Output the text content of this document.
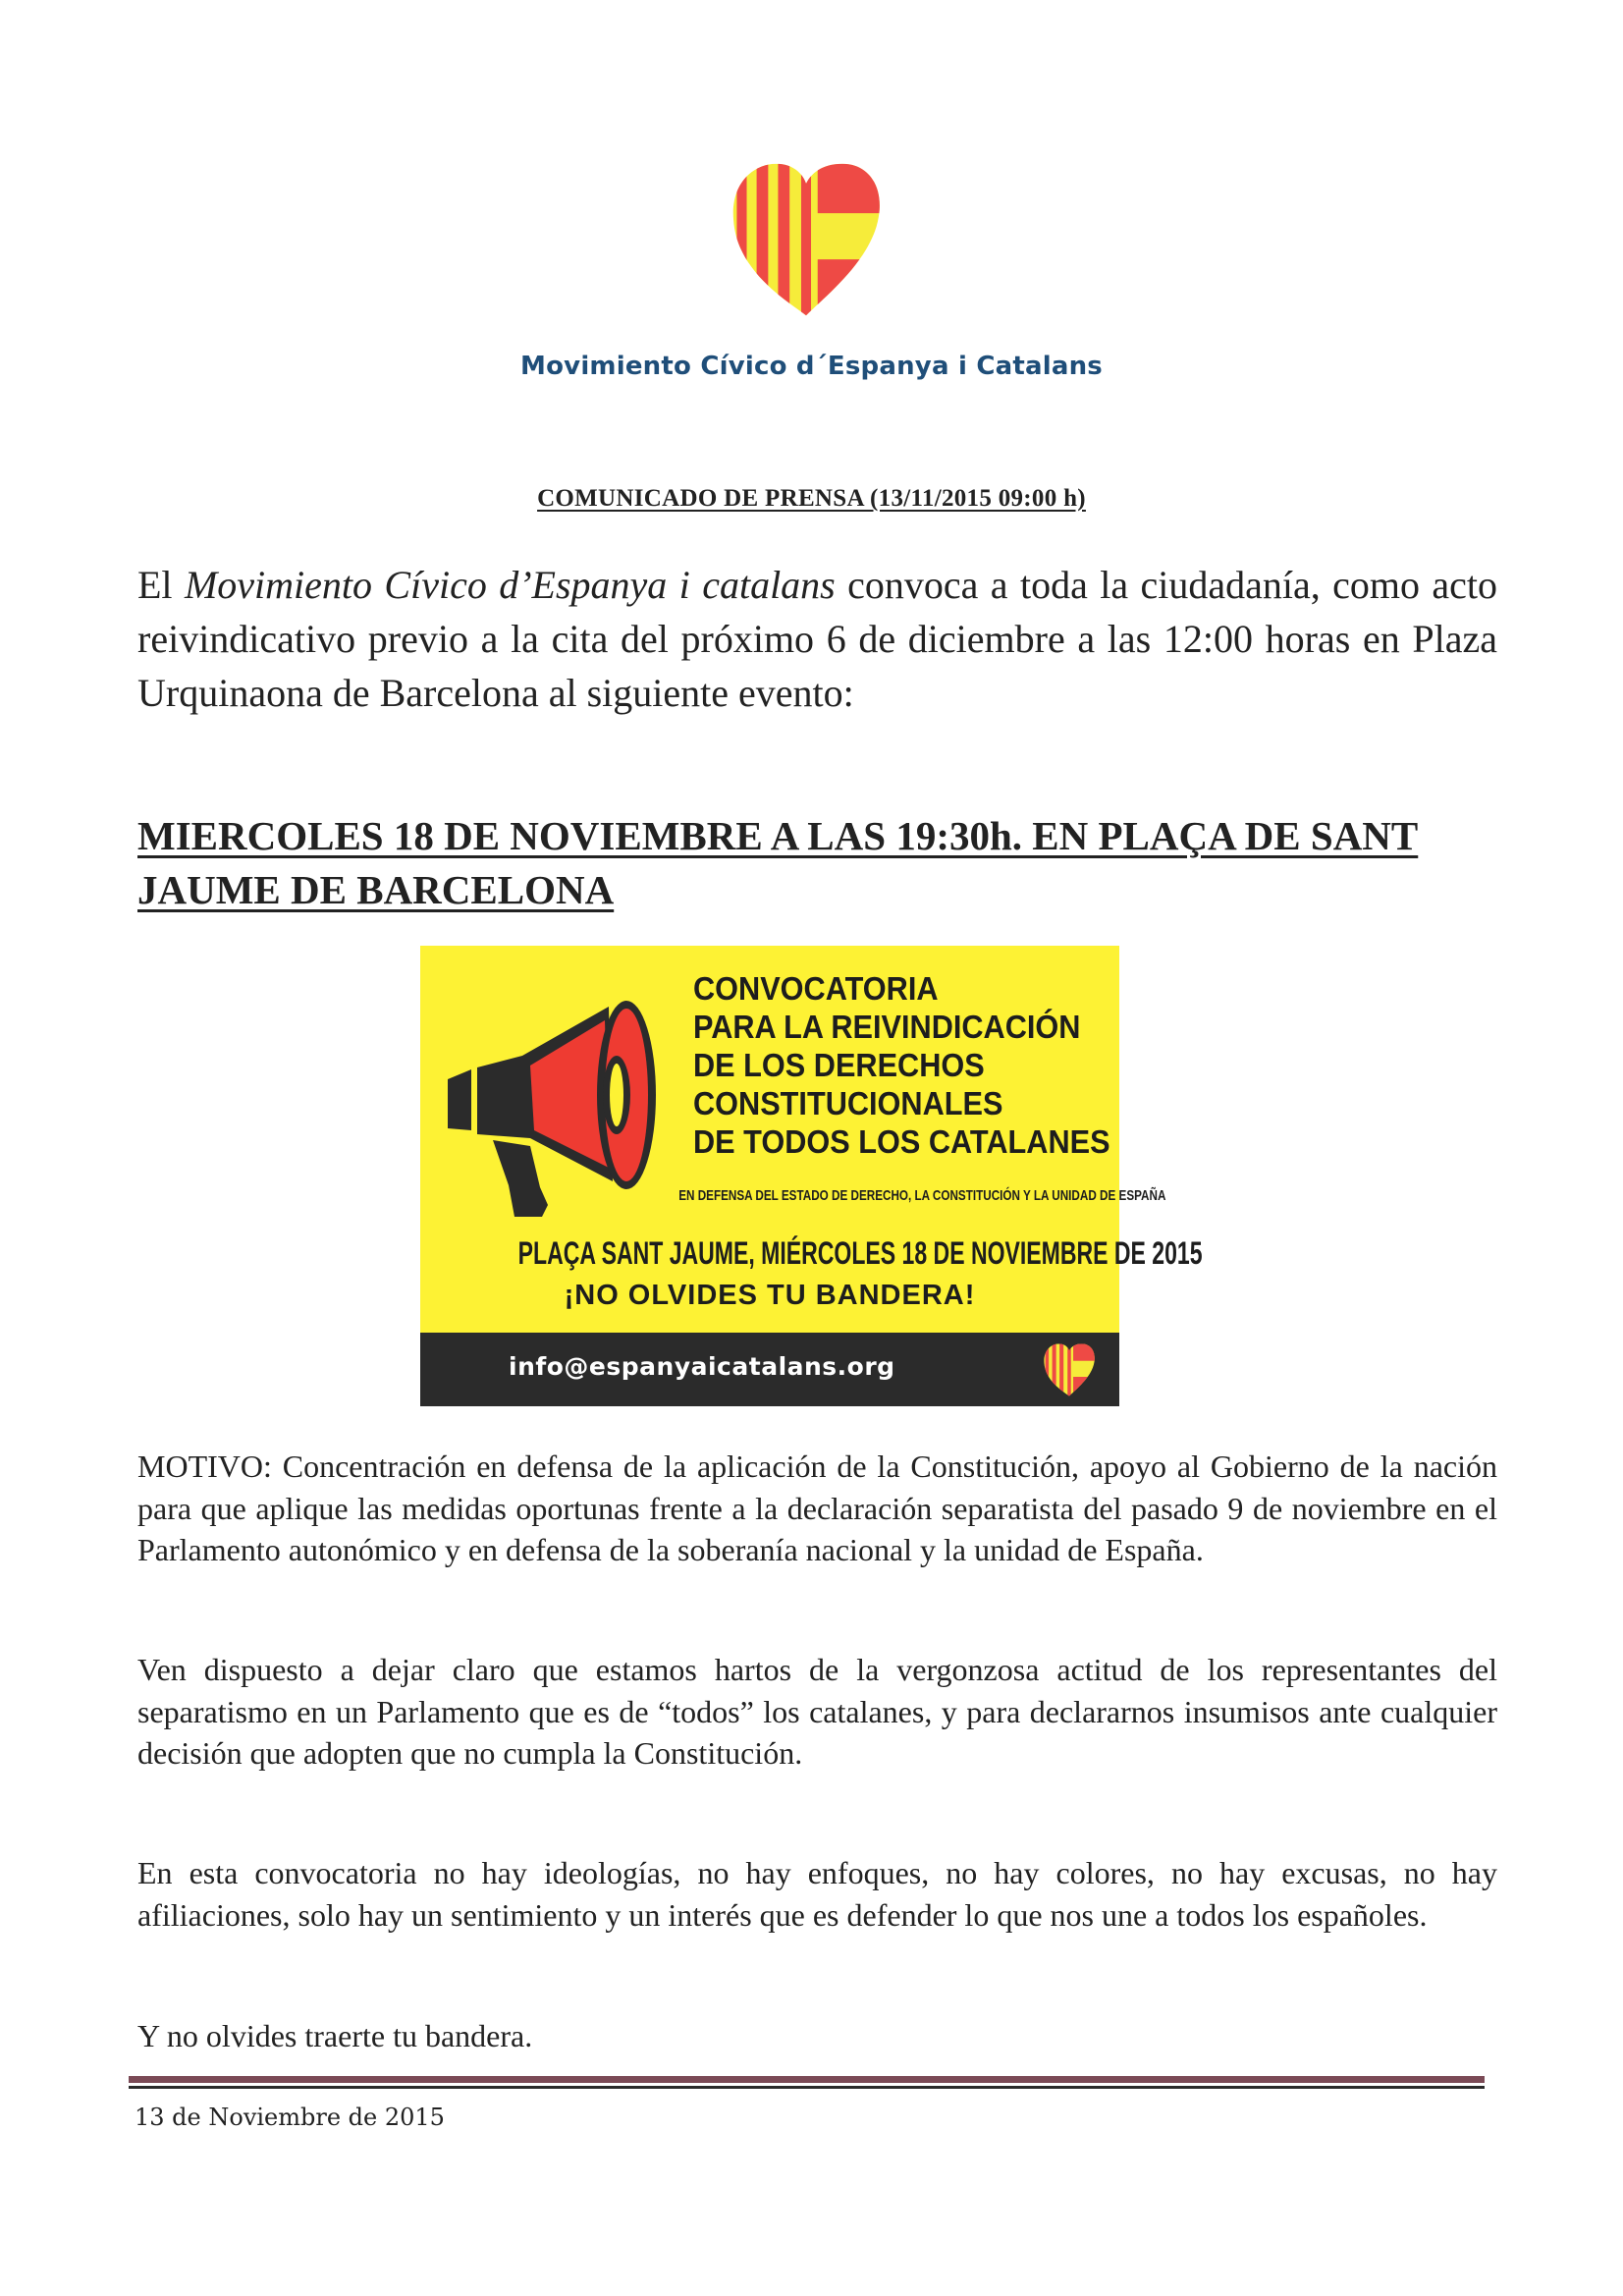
Movimiento Cívico d´Espanya i Catalans
COMUNICADO DE PRENSA (13/11/2015 09:00 h)
El Movimiento Cívico d’Espanya i catalans convoca a toda la ciudadanía, como acto reivindicativo previo a la cita del próximo 6 de diciembre a las 12:00 horas en Plaza Urquinaona de Barcelona al siguiente evento:
MIERCOLES 18 DE NOVIEMBRE A LAS 19:30h. EN PLAÇA DE SANT JAUME DE BARCELONA
CONVOCATORIA
PARA LA REIVINDICACIÓN
DE LOS DERECHOS
CONSTITUCIONALES
DE TODOS LOS CATALANES
EN DEFENSA DEL ESTADO DE DERECHO, LA CONSTITUCIÓN Y LA UNIDAD DE ESPAÑA
PLAÇA SANT JAUME, MIÉRCOLES 18 DE NOVIEMBRE DE 2015
¡NO OLVIDES TU BANDERA!
info@espanyaicatalans.org
MOTIVO: Concentración en defensa de la aplicación de la Constitución, apoyo al Gobierno de la nación para que aplique las medidas oportunas frente a la declaración separatista del pasado 9 de noviembre en el Parlamento autonómico y en defensa de la soberanía nacional y la unidad de España.
Ven dispuesto a dejar claro que estamos hartos de la vergonzosa actitud de los representantes del separatismo en un Parlamento que es de “todos” los catalanes, y para declararnos insumisos ante cualquier decisión que adopten que no cumpla la Constitución.
En esta convocatoria no hay ideologías, no hay enfoques, no hay colores, no hay excusas, no hay afiliaciones, solo hay un sentimiento y un interés que es defender lo que nos une a todos los españoles.
Y no olvides traerte tu bandera.
13 de Noviembre de 2015
